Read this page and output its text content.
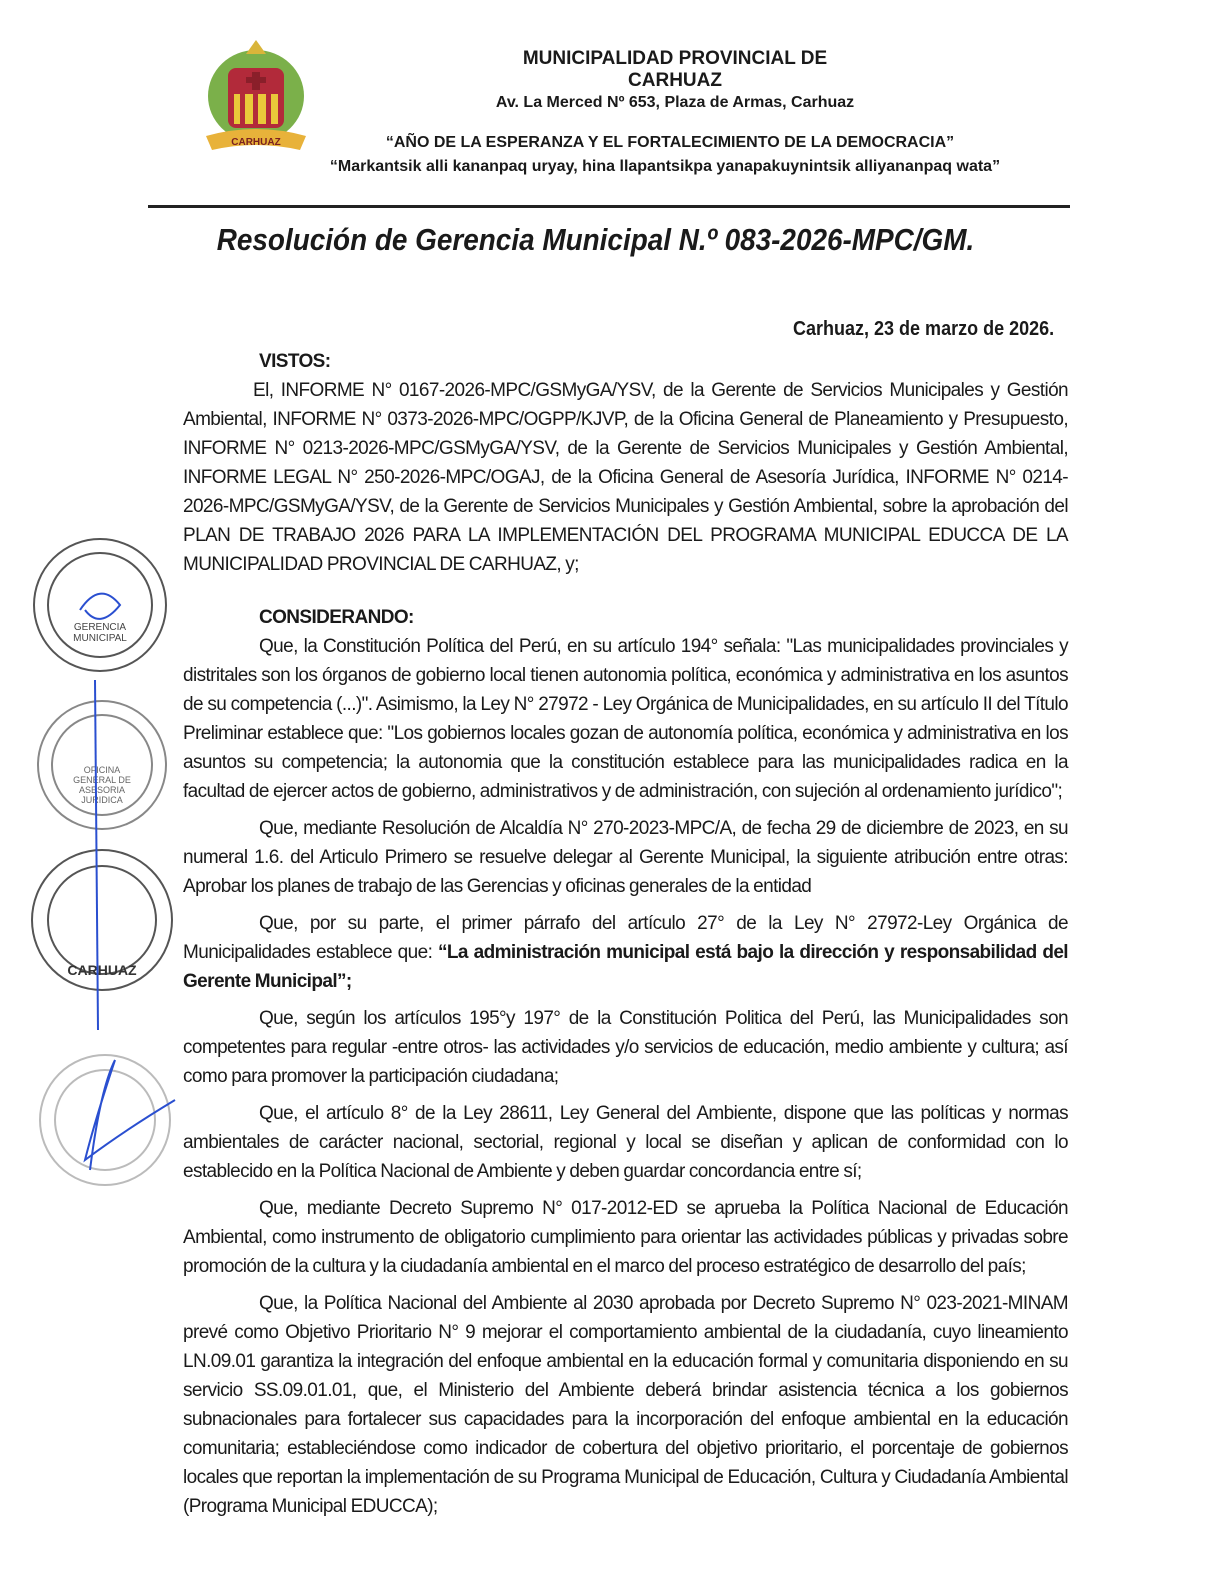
CARHUAZ
MUNICIPALIDAD PROVINCIAL DE
CARHUAZ
Av. La Merced Nº 653, Plaza de Armas, Carhuaz
“AÑO DE LA ESPERANZA Y EL FORTALECIMIENTO DE LA DEMOCRACIA”
“Markantsik alli kananpaq uryay, hina llapantsikpa yanapakuynintsik alliyananpaq wata”
Resolución de Gerencia Municipal N.º 083-2026-MPC/GM.
Carhuaz, 23 de marzo de 2026.
GERENCIA
MUNICIPAL
OFICINA
GENERAL DE
ASESORIA
JURIDICA
CARHUAZ
VISTOS:

El, INFORME N° 0167-2026-MPC/GSMyGA/YSV, de la Gerente de Servicios Municipales y Gestión Ambiental, INFORME N° 0373-2026-MPC/OGPP/KJVP, de la Oficina General de Planeamiento y Presupuesto, INFORME N° 0213-2026-MPC/GSMyGA/YSV, de la Gerente de Servicios Municipales y Gestión Ambiental, INFORME LEGAL N° 250-2026-MPC/OGAJ, de la Oficina General de Asesoría Jurídica, INFORME N° 0214-2026-MPC/GSMyGA/YSV, de la Gerente de Servicios Municipales y Gestión Ambiental, sobre la aprobación del PLAN DE TRABAJO 2026 PARA LA IMPLEMENTACIÓN DEL PROGRAMA MUNICIPAL EDUCCA DE LA MUNICIPALIDAD PROVINCIAL DE CARHUAZ, y;

CONSIDERANDO:

Que, la Constitución Política del Perú, en su artículo 194° señala: "Las municipalidades provinciales y distritales son los órganos de gobierno local tienen autonomia política, económica y administrativa en los asuntos de su competencia (...)". Asimismo, la Ley N° 27972 - Ley Orgánica de Municipalidades, en su artículo II del Título Preliminar establece que: "Los gobiernos locales gozan de autonomía política, económica y administrativa en los asuntos su competencia; la autonomia que la constitución establece para las municipalidades radica en la facultad de ejercer actos de gobierno, administrativos y de administración, con sujeción al ordenamiento jurídico";

Que, mediante Resolución de Alcaldía N° 270-2023-MPC/A, de fecha 29 de diciembre de 2023, en su numeral 1.6. del Articulo Primero se resuelve delegar al Gerente Municipal, la siguiente atribución entre otras: Aprobar los planes de trabajo de las Gerencias y oficinas generales de la entidad

Que, por su parte, el primer párrafo del artículo 27° de la Ley N° 27972-Ley Orgánica de Municipalidades establece que: “La administración municipal está bajo la dirección y responsabilidad del Gerente Municipal”;

Que, según los artículos 195°y 197° de la Constitución Politica del Perú, las Municipalidades son competentes para regular -entre otros- las actividades y/o servicios de educación, medio ambiente y cultura; así como para promover la participación ciudadana;

Que, el artículo 8° de la Ley 28611, Ley General del Ambiente, dispone que las políticas y normas ambientales de carácter nacional, sectorial, regional y local se diseñan y aplican de conformidad con lo establecido en la Política Nacional de Ambiente y deben guardar concordancia entre sí;

Que, mediante Decreto Supremo N° 017-2012-ED se aprueba la Política Nacional de Educación Ambiental, como instrumento de obligatorio cumplimiento para orientar las actividades públicas y privadas sobre promoción de la cultura y la ciudadanía ambiental en el marco del proceso estratégico de desarrollo del país;

Que, la Política Nacional del Ambiente al 2030 aprobada por Decreto Supremo N° 023-2021-MINAM prevé como Objetivo Prioritario N° 9 mejorar el comportamiento ambiental de la ciudadanía, cuyo lineamiento LN.09.01 garantiza la integración del enfoque ambiental en la educación formal y comunitaria disponiendo en su servicio SS.09.01.01, que, el Ministerio del Ambiente deberá brindar asistencia técnica a los gobiernos subnacionales para fortalecer sus capacidades para la incorporación del enfoque ambiental en la educación comunitaria; estableciéndose como indicador de cobertura del objetivo prioritario, el porcentaje de gobiernos locales que reportan la implementación de su Programa Municipal de Educación, Cultura y Ciudadanía Ambiental (Programa Municipal EDUCCA);
